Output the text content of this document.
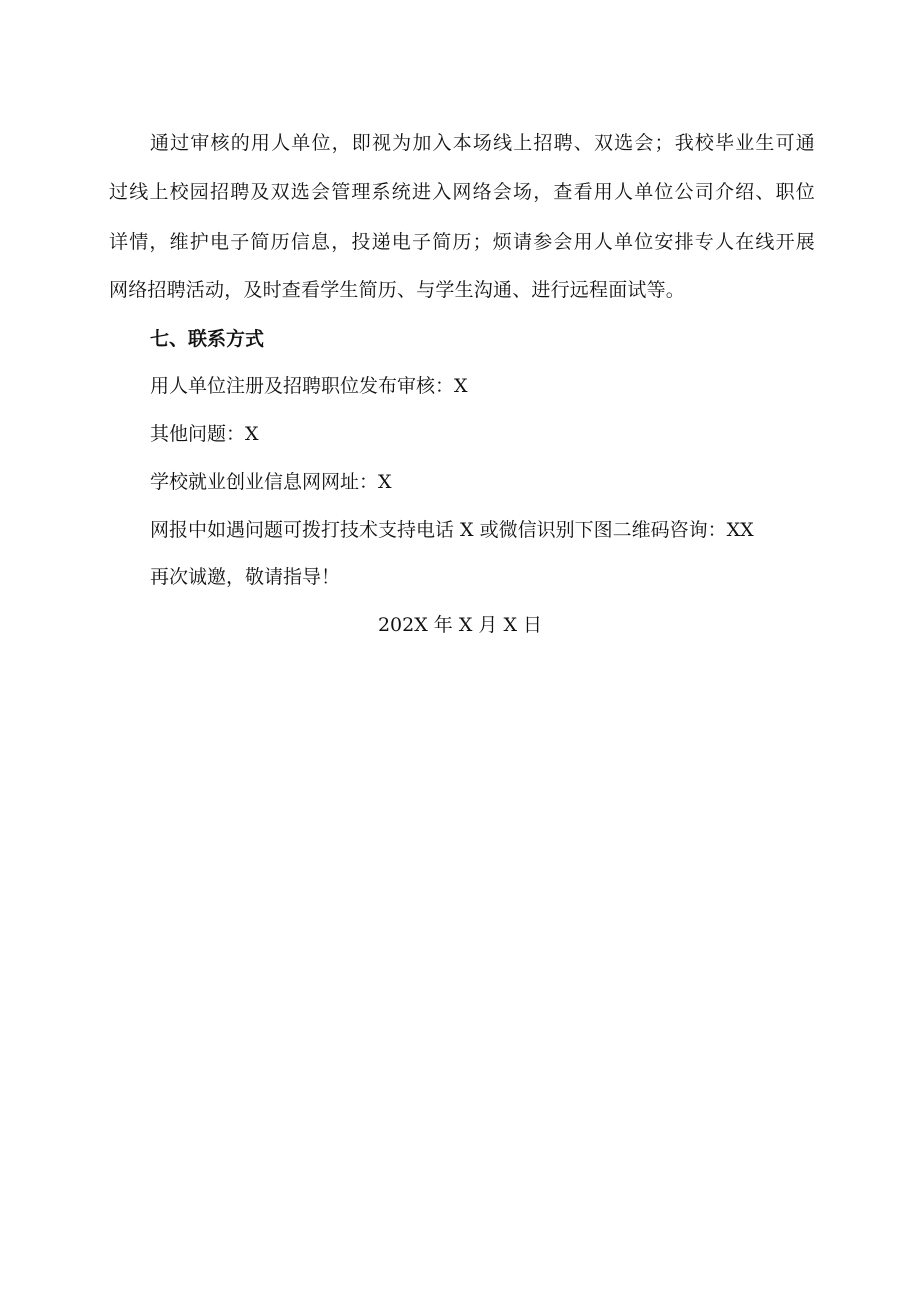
通过审核的用人单位，即视为加入本场线上招聘、双选会；我校毕业生可通
过线上校园招聘及双选会管理系统进入网络会场，查看用人单位公司介绍、职位
详情，维护电子简历信息，投递电子简历；烦请参会用人单位安排专人在线开展
网络招聘活动，及时查看学生简历、与学生沟通、进行远程面试等。
七、联系方式
用人单位注册及招聘职位发布审核：X
其他问题：X
学校就业创业信息网网址：X
网报中如遇问题可拨打技术支持电话 X 或微信识别下图二维码咨询：XX
再次诚邀，敬请指导！
202X 年 X 月 X 日
